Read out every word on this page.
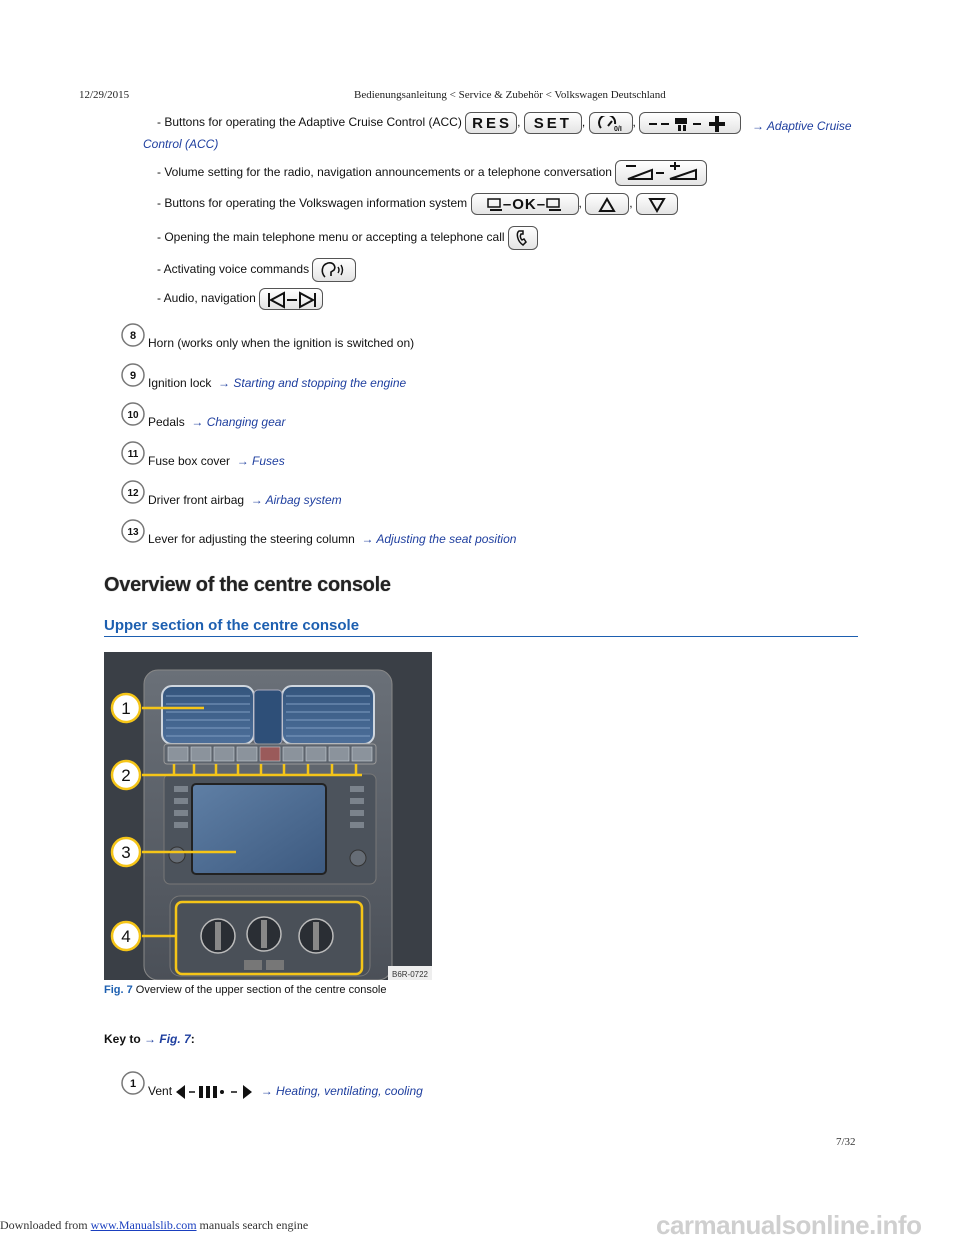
12/29/2015	Bedienungsanleitung < Service & Zubehör < Volkswagen Deutschland
- Buttons for operating the Adaptive Cruise Control (ACC) RES , SET ,
0/I
,	→ Adaptive Cruise
Control (ACC)
- Volume setting for the radio, navigation announcements or a telephone conversation
- Buttons for operating the Volkswagen information system –OK–	,	,
- Opening the main telephone menu or accepting a telephone call
- Activating voice commands
- Audio, navigation
8 Horn (works only when the ignition is switched on)
9 Ignition lock → Starting and stopping the engine
10 Pedals → Changing gear
11 Fuse box cover → Fuses
12 Driver front airbag → Airbag system
13 Lever for adjusting the steering column → Adjusting the seat position
Overview of the centre console
Upper section of the centre console
1
2
3
4
B6R-0722
Fig. 7 Overview of the upper section of the centre console
Key to → Fig. 7:
1
Vent	→ Heating, ventilating, cooling
7/32
Downloaded from www.Manualslib.com manuals search engine	carmanualsonline.info
